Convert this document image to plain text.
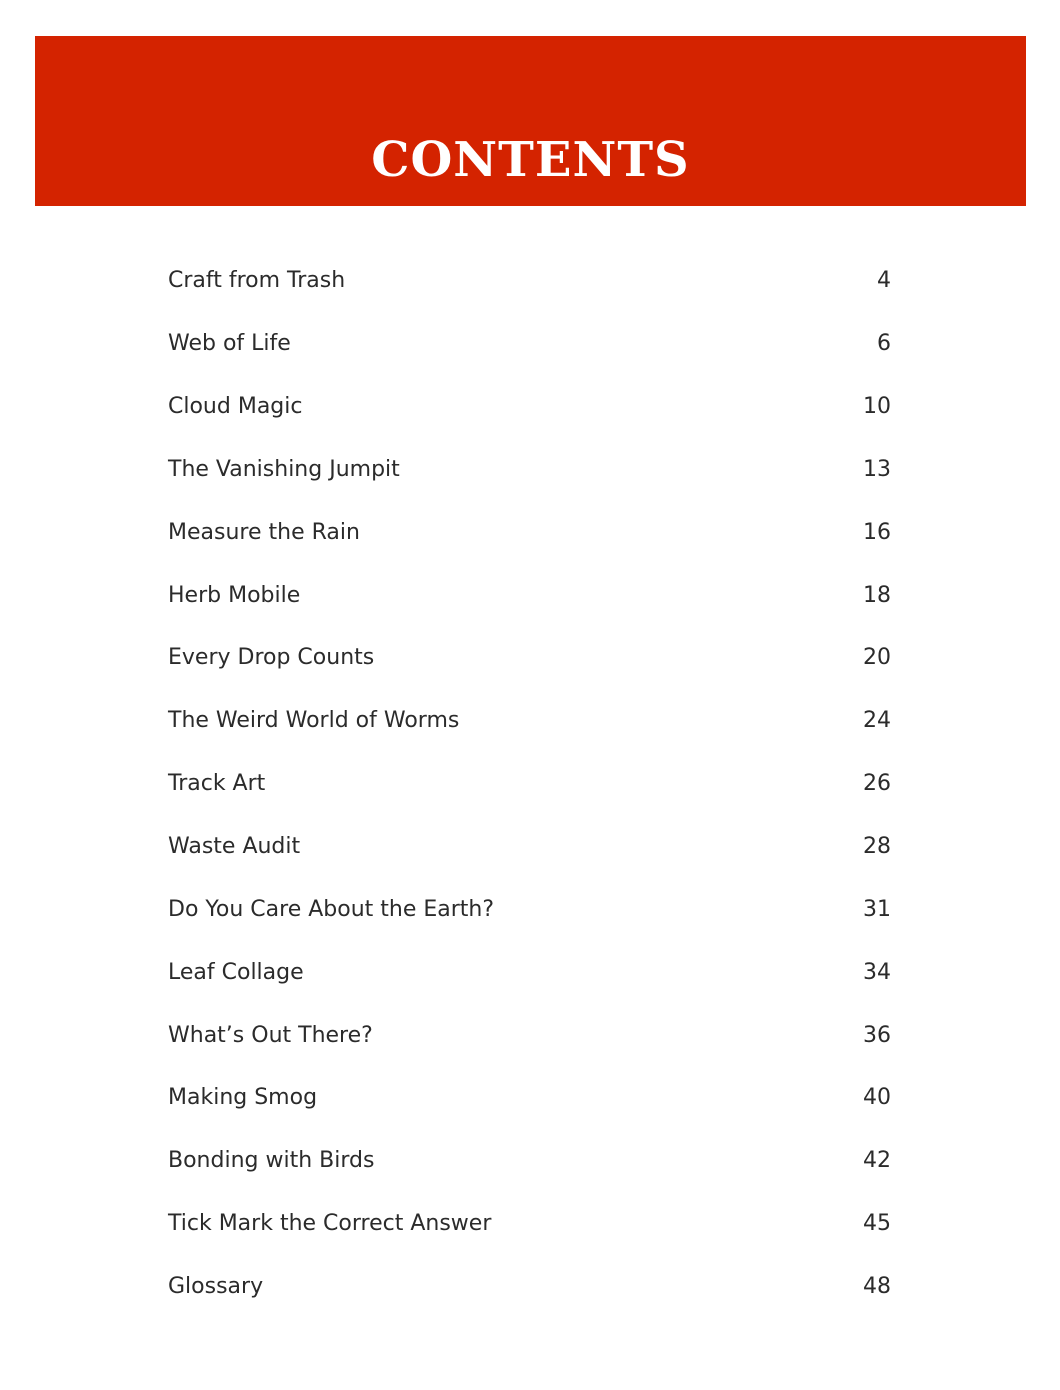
CONTENTS
Craft from Trash	4
Web of Life	6
Cloud Magic	10
The Vanishing Jumpit	13
Measure the Rain	16
Herb Mobile	18
Every Drop Counts	20
The Weird World of Worms	24
Track Art	26
Waste Audit	28
Do You Care About the Earth?	31
Leaf Collage	34
What’s Out There?	36
Making Smog	40
Bonding with Birds	42
Tick Mark the Correct Answer	45
Glossary	48
